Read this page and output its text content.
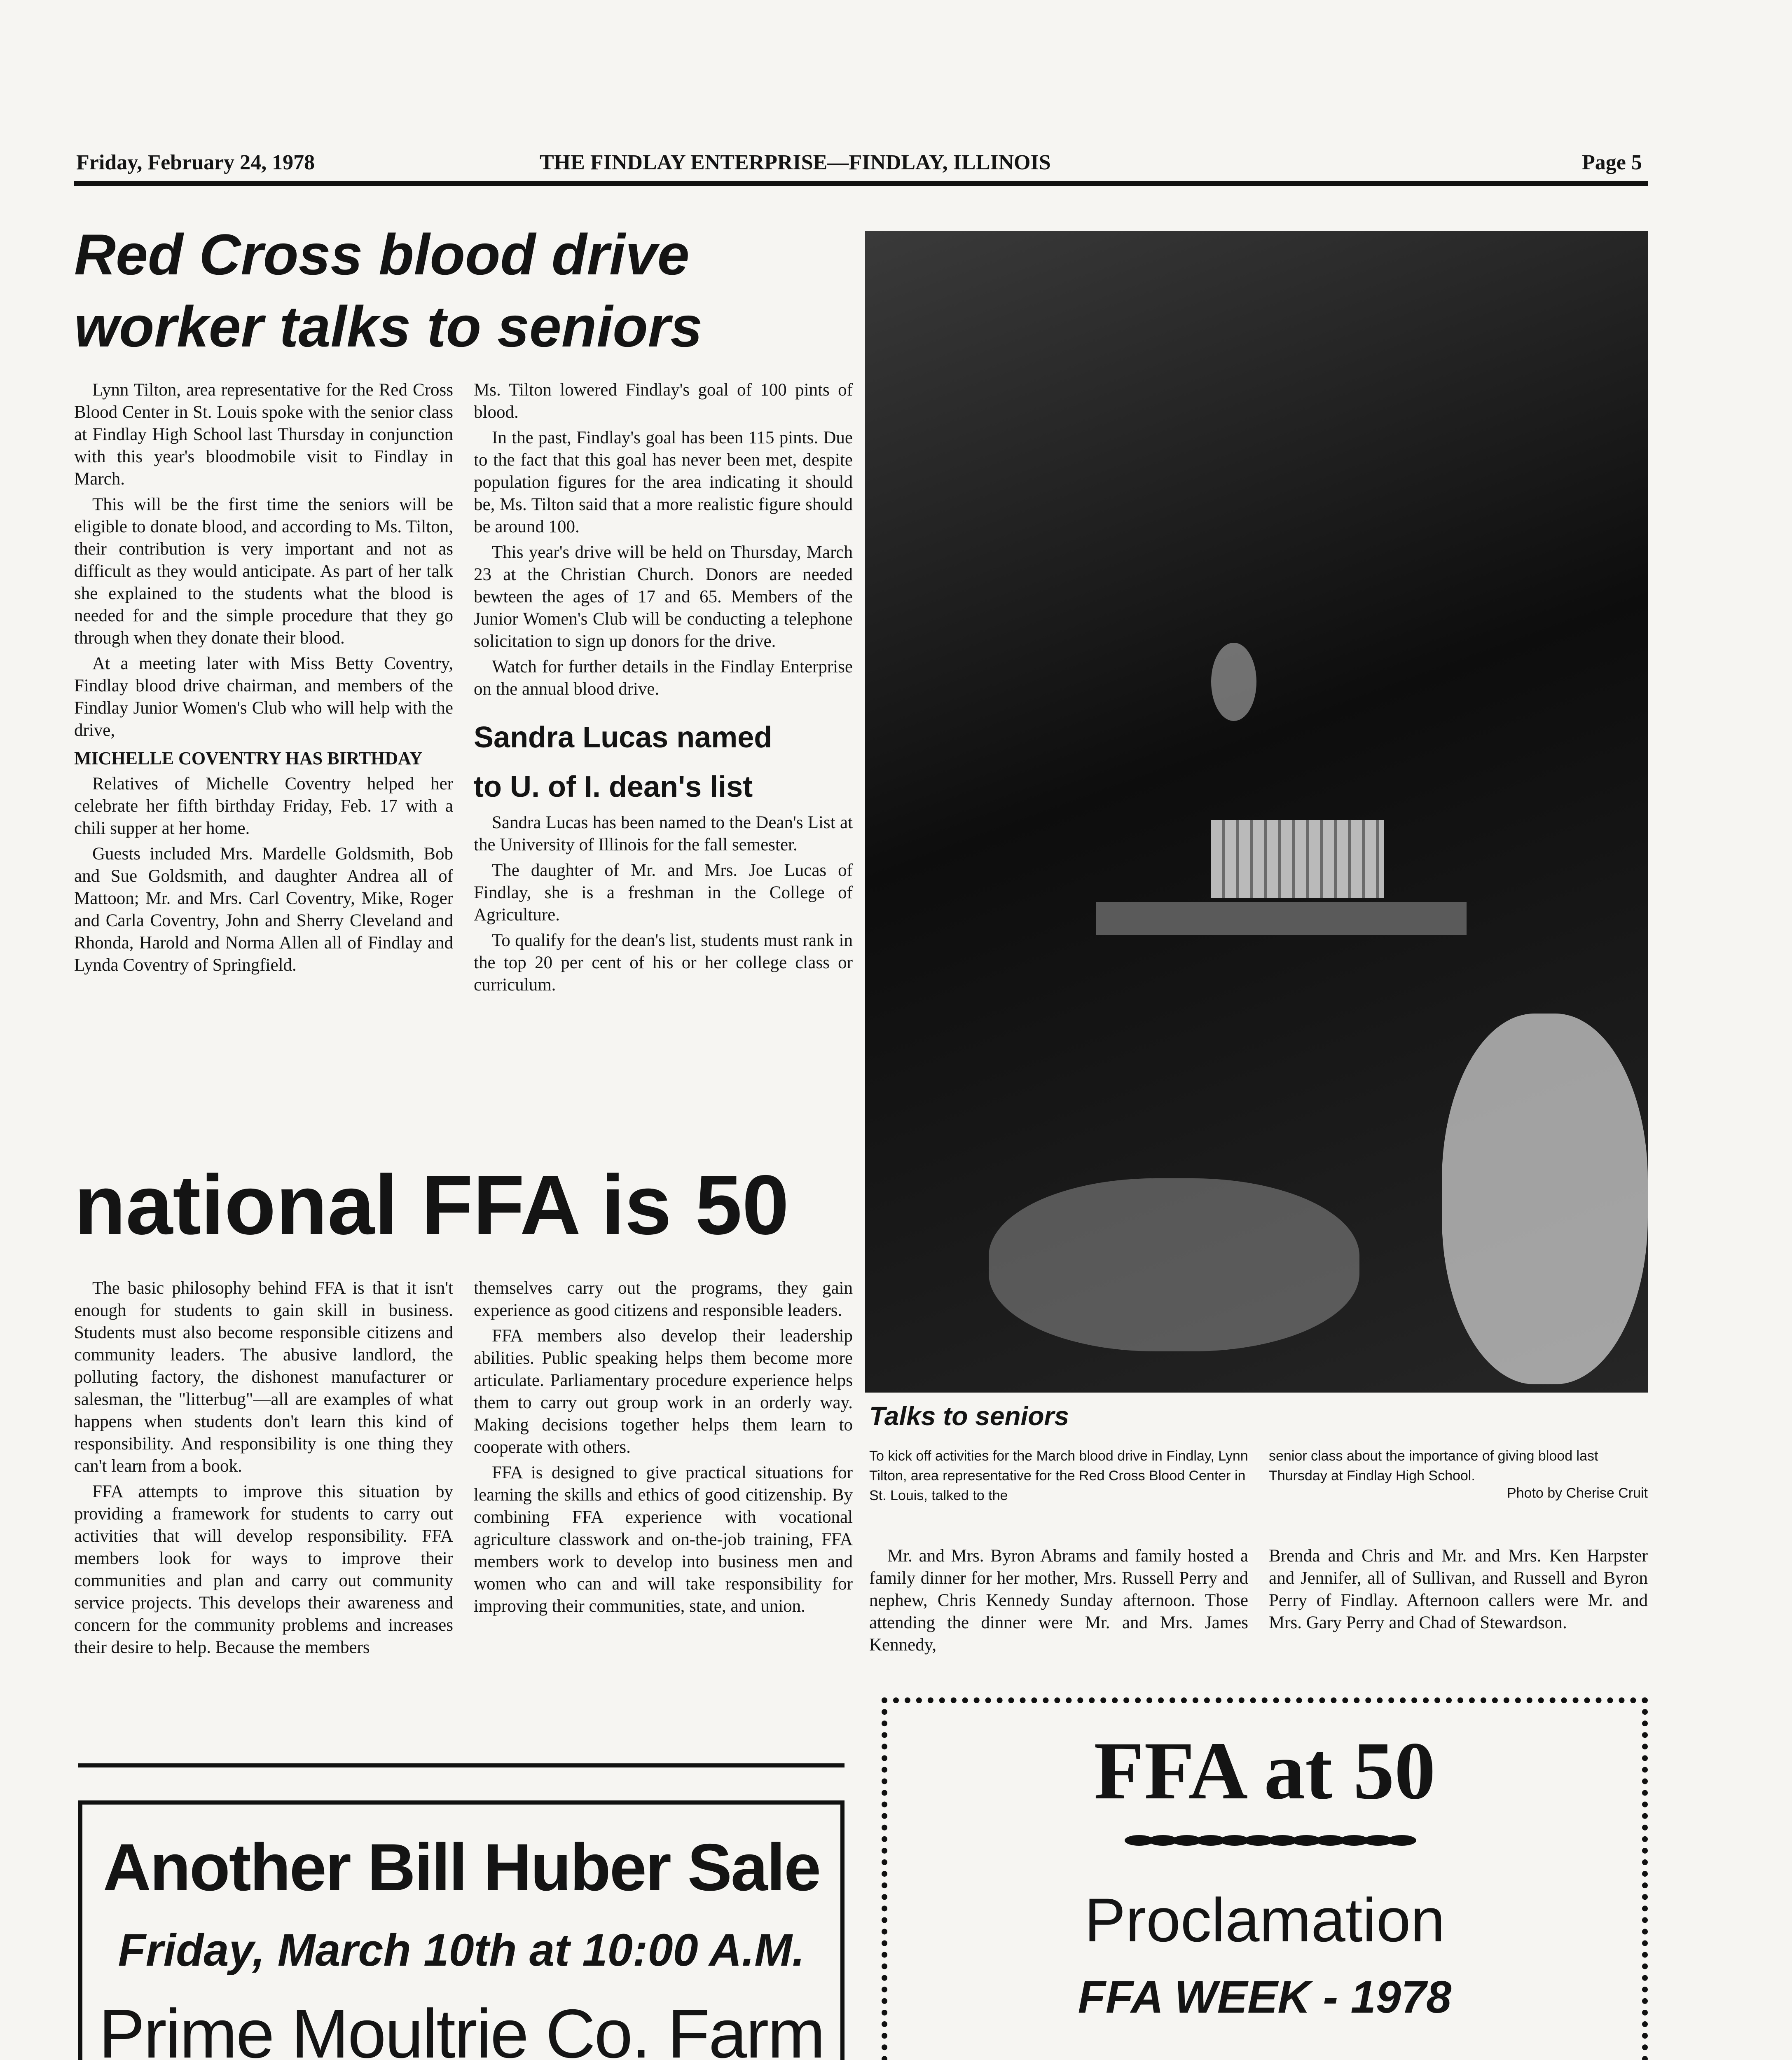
Friday, February 24, 1978	THE FINDLAY ENTERPRISE—FINDLAY, ILLINOIS	Page 5
Red Cross blood drive
worker talks to seniors

Lynn Tilton, area representative for the Red Cross Blood Center in St. Louis spoke with the senior class at Findlay High School last Thursday in conjunction with this year's bloodmobile visit to Findlay in March.

This will be the first time the seniors will be eligible to donate blood, and according to Ms. Tilton, their contribution is very important and not as difficult as they would anticipate. As part of her talk she explained to the students what the blood is needed for and the simple procedure that they go through when they donate their blood.

At a meeting later with Miss Betty Coventry, Findlay blood drive chairman, and members of the Findlay Junior Women's Club who will help with the drive,

MICHELLE COVENTRY HAS BIRTHDAY

Relatives of Michelle Coventry helped her celebrate her fifth birthday Friday, Feb. 17 with a chili supper at her home.

Guests included Mrs. Mardelle Goldsmith, Bob and Sue Goldsmith, and daughter Andrea all of Mattoon; Mr. and Mrs. Carl Coventry, Mike, Roger and Carla Coventry, John and Sherry Cleveland and Rhonda, Harold and Norma Allen all of Findlay and Lynda Coventry of Springfield.

Ms. Tilton lowered Findlay's goal of 100 pints of blood.

In the past, Findlay's goal has been 115 pints. Due to the fact that this goal has never been met, despite population figures for the area indicating it should be, Ms. Tilton said that a more realistic figure should be around 100.

This year's drive will be held on Thursday, March 23 at the Christian Church. Donors are needed bewteen the ages of 17 and 65. Members of the Junior Women's Club will be conducting a telephone solicitation to sign up donors for the drive.

Watch for further details in the Findlay Enterprise on the annual blood drive.

Sandra Lucas named
to U. of I. dean's list

Sandra Lucas has been named to the Dean's List at the University of Illinois for the fall semester.

The daughter of Mr. and Mrs. Joe Lucas of Findlay, she is a freshman in the College of Agriculture.

To qualify for the dean's list, students must rank in the top 20 per cent of his or her college class or curriculum.

Talks to seniors
To kick off activities for the March blood drive in Findlay, Lynn Tilton, area representative for the Red Cross Blood Center in St. Louis, talked to the
senior class about the importance of giving blood last Thursday at Findlay High School.
Photo by Cherise Cruit

Mr. and Mrs. Byron Abrams and family hosted a family dinner for her mother, Mrs. Russell Perry and nephew, Chris Kennedy Sunday afternoon. Those attending the dinner were Mr. and Mrs. James Kennedy,

Brenda and Chris and Mr. and Mrs. Ken Harpster and Jennifer, all of Sullivan, and Russell and Byron Perry of Findlay. Afternoon callers were Mr. and Mrs. Gary Perry and Chad of Stewardson.

national FFA is 50

The basic philosophy behind FFA is that it isn't enough for students to gain skill in business. Students must also become responsible citizens and community leaders. The abusive landlord, the polluting factory, the dishonest manufacturer or salesman, the "litterbug"—all are examples of what happens when students don't learn this kind of responsibility. And responsibility is one thing they can't learn from a book.

FFA attempts to improve this situation by providing a framework for students to carry out activities that will develop responsibility. FFA members look for ways to improve their communities and plan and carry out community service projects. This develops their awareness and concern for the community problems and increases their desire to help. Because the members

themselves carry out the programs, they gain experience as good citizens and responsible leaders.

FFA members also develop their leadership abilities. Public speaking helps them become more articulate. Parliamentary procedure experience helps them to carry out group work in an orderly way. Making decisions together helps them learn to cooperate with others.

FFA is designed to give practical situations for learning the skills and ethics of good citizenship. By combining FFA experience with vocational agriculture classwork and on-the-job training, FFA members work to develop into business men and women who can and will take responsibility for improving their communities, state, and union.

Another Bill Huber Sale
Friday, March 10th at 10:00 A.M.
Prime Moultrie Co. Farm
FFA at 50
Proclamation
FFA WEEK - 1978
